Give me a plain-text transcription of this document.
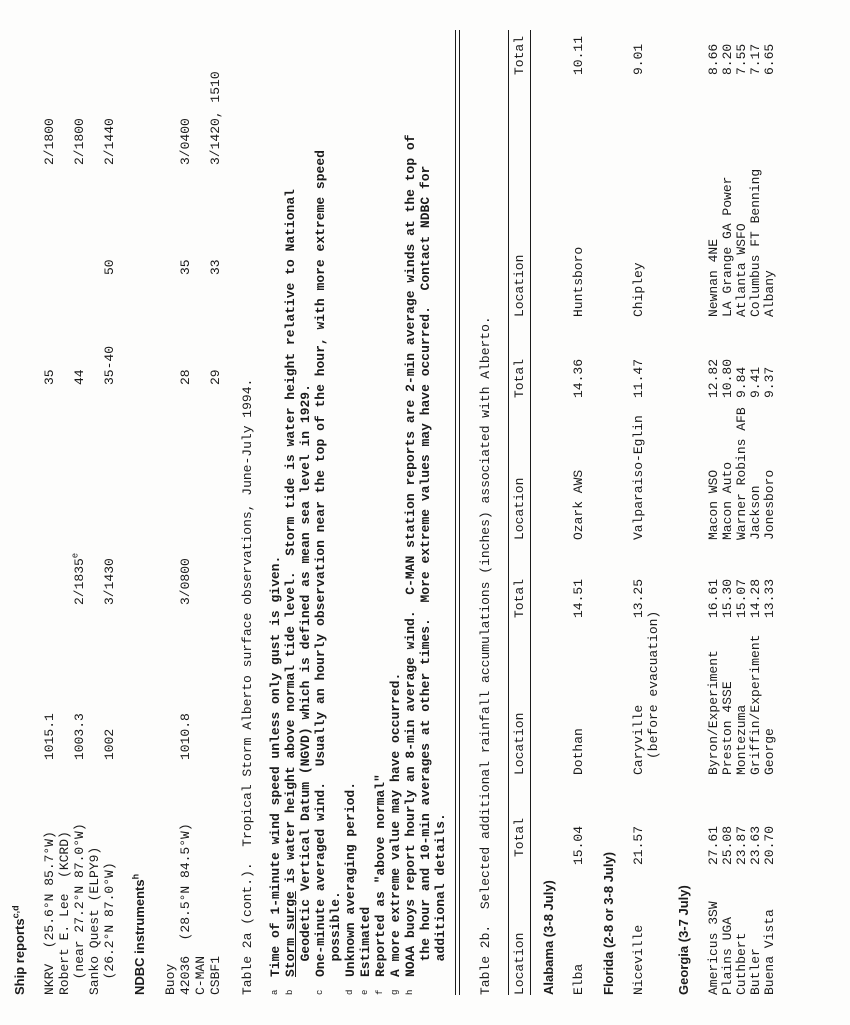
Ship reports$^{c,d}$	NKRV  (25.6°N 85.7°W)
1015.1
35
2/1800
Robert E. Lee  (KCRD) (near 27.2°N 87.0°W)
1003.3
2/1835e
44
2/1800
Sanko Quest (ELPY9) (26.2°N 87.0°W)
1002
3/1430
35-40
50
2/1440
NDBC instruments$^h$
Buoy 42036  (28.5°N 84.5°W)
1010.8
3/0800
28
35
3/0400
C-MAN CSBF1
29
33
3/1420, 1510
Table 2a (cont.).  Tropical Storm Alberto surface observations, June-July 1994. a
Time of 1-minute wind speed unless only gust is given.
b
Storm surge is water height above normal tide level.  Storm tide is water height relative to National Geodetic Vertical Datum (NGVD) which is defined as mean sea level in 1929.
c
One-minute averaged wind.  Usually an hourly observation near the top of the hour, with more extreme speed possible.
d
Unknown averaging period.
e
Estimated
f
Reported as "above normal"
g
A more extreme value may have occurred.
h
NOAA buoys report hourly an 8-min average wind.  C-MAN station reports are 2-min average winds at the top of the hour and 10-min averages at other times.  More extreme values may have occurred.  Contact NDBC for additional details. Table 2b.  Selected additional rainfall accumulations (inches) associated with Alberto. Location
Total
Location
Total
Location
Total
Location
Total
Alabama (3-8 July) Elba
15.04
Dothan
14.51
Ozark AWS
14.36
Huntsboro
10.11
Florida (2-8 or 3-8 July) Niceville
21.57
Caryville (before evacuation)
13.25
Valparaiso-Eglin
11.47
Chipley
9.01
Georgia (3-7 July) Americus 3SW
27.61
Byron/Experiment
16.61
Macon WSO
12.82
Newnan 4NE
8.66
Plains UGA
25.08
Preston 4SSE
15.30
Macon Auto
10.80
LA Grange GA Power
8.20
Cuthbert
23.87
Montezuma
15.07
Warner Robins AFB
9.84
Atlanta WSFO
7.55
Butler
23.63
Griffin/Experiment
14.28
Jackson
9.41
Columbus FT Benning
7.17
Buena Vista
20.70
George
13.33
Jonesboro
9.37
Albany
6.65
